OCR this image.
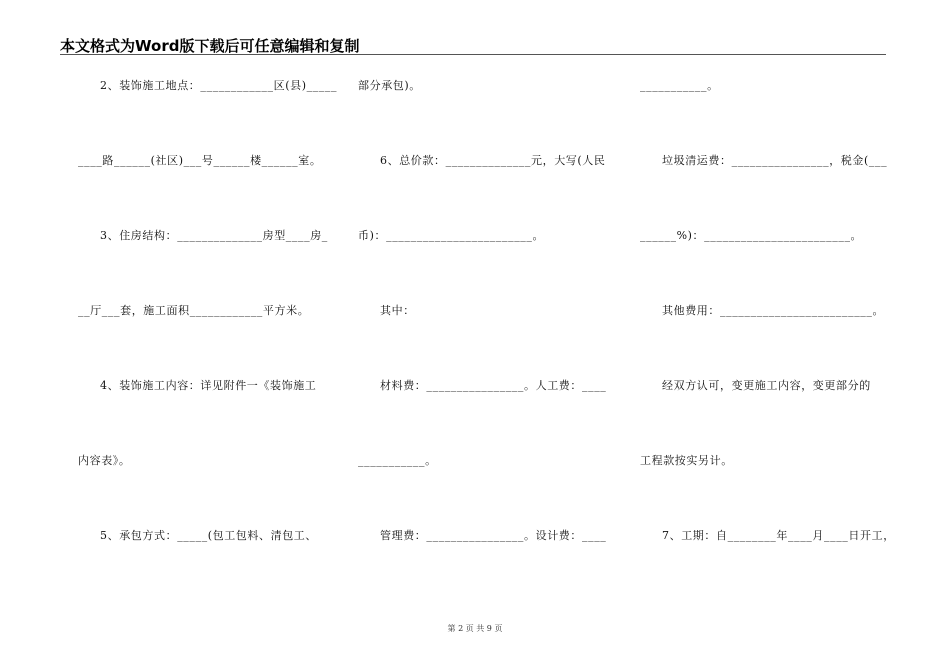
本文格式为Word版下载后可任意编辑和复制
2、装饰施工地点：____________区(县)_____
____路______(社区)___号______楼______室。
3、住房结构：______________房型____房_
__厅___套，施工面积____________平方米。
4、装饰施工内容：详见附件一《装饰施工
内容表》。
5、承包方式：_____(包工包料、清包工、
部分承包)。
6、总价款：______________元，大写(人民
币)：________________________。
其中：
材料费：________________。人工费：____
___________。
管理费：________________。设计费：____
___________。
垃圾清运费：________________，税金(___
______%)：________________________。
其他费用：_________________________。
经双方认可，变更施工内容，变更部分的
工程款按实另计。
7、工期：自________年____月____日开工，
第 2 页 共 9 页
